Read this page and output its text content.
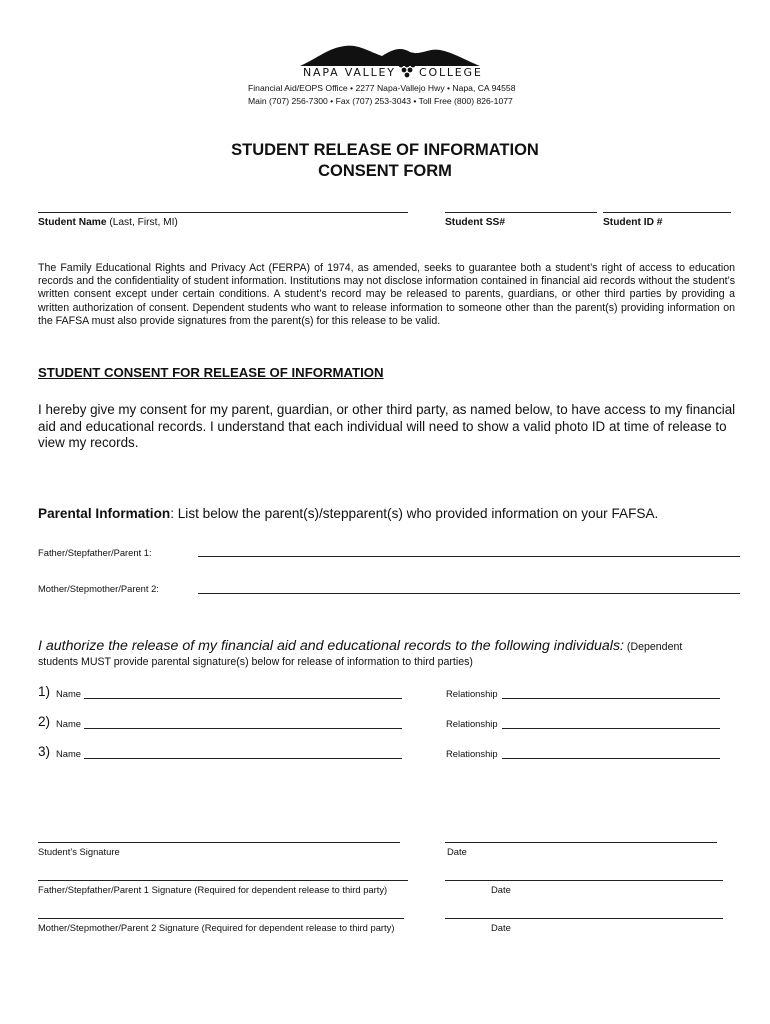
NAPA VALLEY COLLEGE
Financial Aid/EOPS Office • 2277 Napa-Vallejo Hwy • Napa, CA 94558
Main (707) 256-7300 • Fax (707) 253-3043 • Toll Free (800) 826-1077
STUDENT RELEASE OF INFORMATION
CONSENT FORM
Student Name (Last, First, MI)	Student SS#	Student ID #
The Family Educational Rights and Privacy Act (FERPA) of 1974, as amended, seeks to guarantee both a student’s right of access to education records and the confidentiality of student information. Institutions may not disclose information contained in financial aid records without the student’s written consent except under certain conditions. A student’s record may be released to parents, guardians, or other third parties by providing a written authorization of consent. Dependent students who want to release information to someone other than the parent(s) providing information on the FAFSA must also provide signatures from the parent(s) for this release to be valid.
STUDENT CONSENT FOR RELEASE OF INFORMATION
I hereby give my consent for my parent, guardian, or other third party, as named below, to have access to my financial aid and educational records. I understand that each individual will need to show a valid photo ID at time of release to view my records.
Parental Information: List below the parent(s)/stepparent(s) who provided information on your FAFSA.
Father/Stepfather/Parent 1:
Mother/Stepmother/Parent 2:
I authorize the release of my financial aid and educational records to the following individuals: (Dependent
students MUST provide parental signature(s) below for release of information to third parties)
1) Name	Relationship
2) Name	Relationship
3) Name	Relationship
Student’s Signature	Date
Father/Stepfather/Parent 1 Signature (Required for dependent release to third party)	Date
Mother/Stepmother/Parent 2 Signature (Required for dependent release to third party)	Date
